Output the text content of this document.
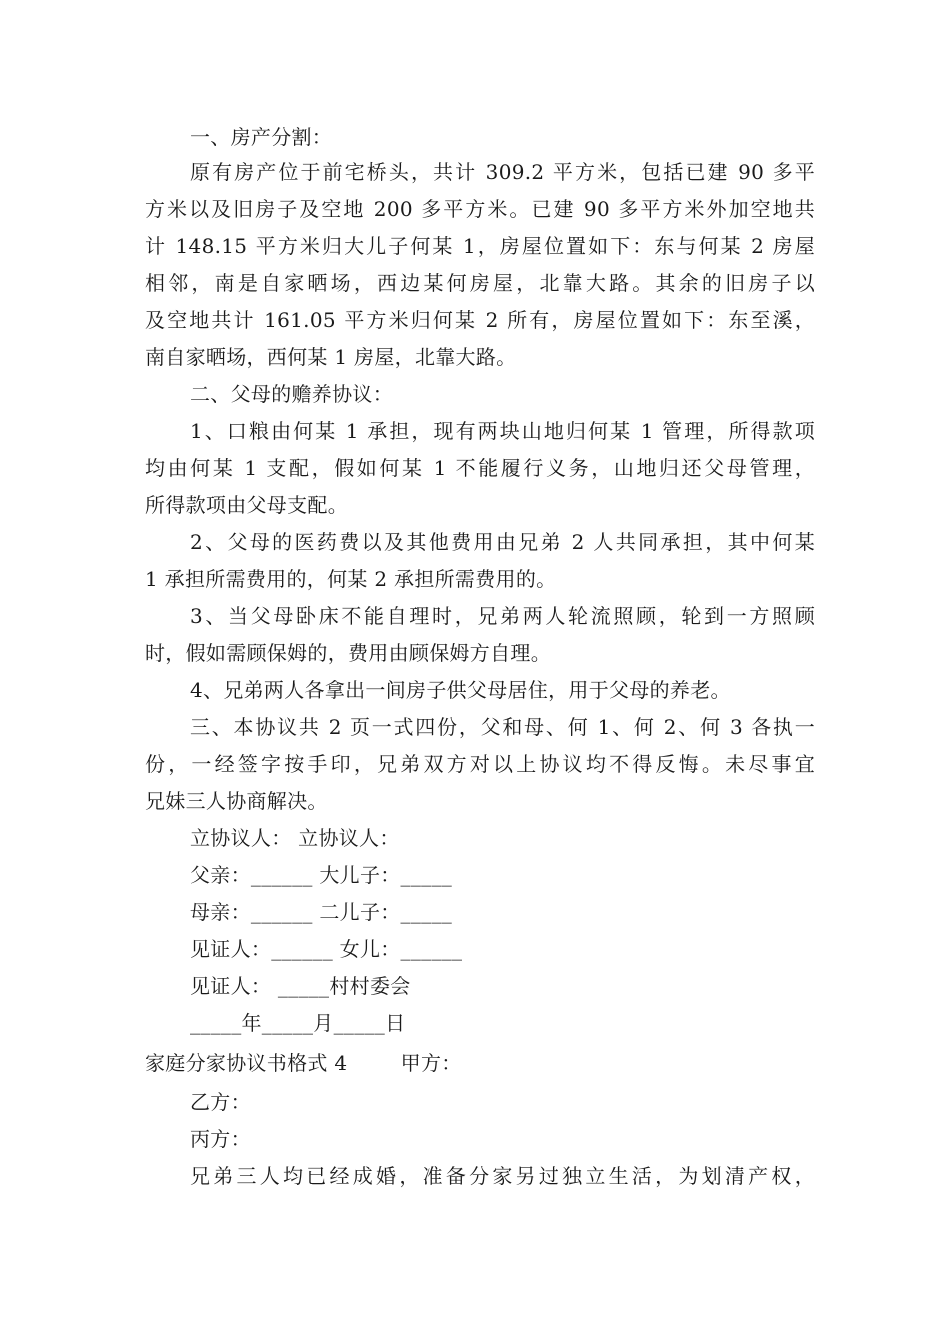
一、房产分割：
原有房产位于前宅桥头，共计 309.2 平方米，包括已建 90 多平
方米以及旧房子及空地 200 多平方米。已建 90 多平方米外加空地共
计 148.15 平方米归大儿子何某 1，房屋位置如下：东与何某 2 房屋
相邻，南是自家晒场，西边某何房屋，北靠大路。其余的旧房子以
及空地共计 161.05 平方米归何某 2 所有，房屋位置如下：东至溪，
南自家晒场，西何某 1 房屋，北靠大路。
二、父母的赡养协议：
1、口粮由何某 1 承担，现有两块山地归何某 1 管理，所得款项
均由何某 1 支配，假如何某 1 不能履行义务，山地归还父母管理，
所得款项由父母支配。
2、父母的医药费以及其他费用由兄弟 2 人共同承担，其中何某
1 承担所需费用的，何某 2 承担所需费用的。
3、当父母卧床不能自理时，兄弟两人轮流照顾，轮到一方照顾
时，假如需顾保姆的，费用由顾保姆方自理。
4、兄弟两人各拿出一间房子供父母居住，用于父母的养老。
三、本协议共 2 页一式四份，父和母、何 1、何 2、何 3 各执一
份，一经签字按手印，兄弟双方对以上协议均不得反悔。未尽事宜
兄妹三人协商解决。
立协议人： 立协议人：
父亲：______ 大儿子：_____
母亲：______ 二儿子：_____
见证人：______ 女儿：______
见证人： _____村村委会
_____年_____月_____日
家庭分家协议书格式 4        甲方：
乙方：
丙方：
兄弟三人均已经成婚，准备分家另过独立生活，为划清产权，
